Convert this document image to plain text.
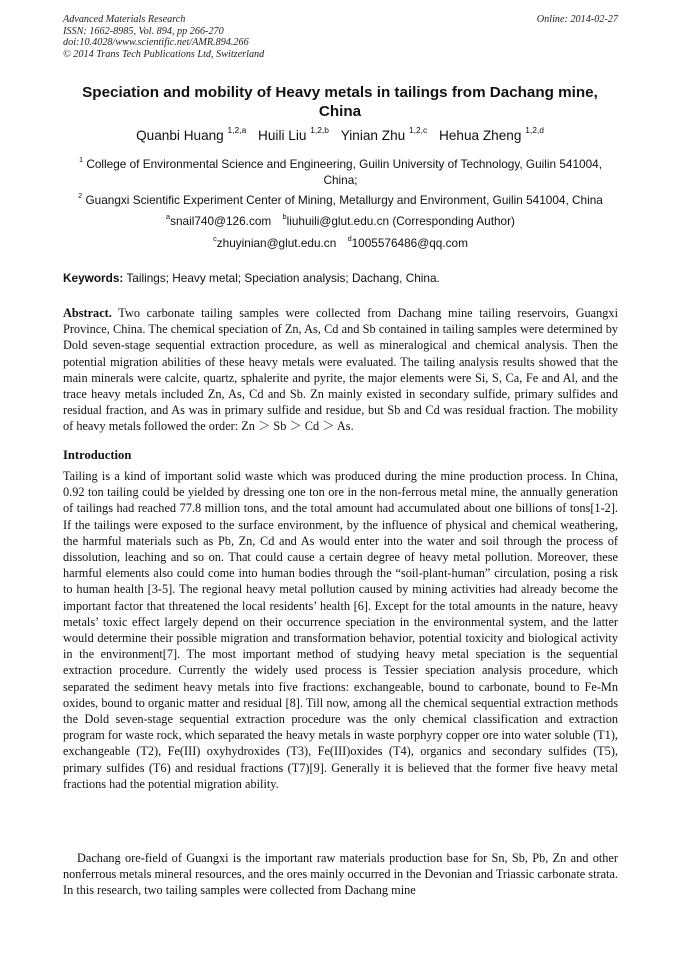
Advanced Materials Research
ISSN: 1662-8985, Vol. 894, pp 266-270
doi:10.4028/www.scientific.net/AMR.894.266
© 2014 Trans Tech Publications Ltd, Switzerland
Online: 2014-02-27
Speciation and mobility of Heavy metals in tailings from Dachang mine, China
Quanbi Huang $^{1,2,a}$ Huili Liu $^{1,2,b}$ Yinian Zhu $^{1,2,c}$ Hehua Zheng $^{1,2,d}$
$^1$ College of Environmental Science and Engineering, Guilin University of Technology, Guilin 541004, China;
$^2$ Guangxi Scientific Experiment Center of Mining, Metallurgy and Environment, Guilin 541004, China
$^a$snail740@126.com $^b$liuhuili@glut.edu.cn (Corresponding Author)
$^c$zhuyinian@glut.edu.cn $^d$1005576486@qq.com
Keywords: Tailings; Heavy metal; Speciation analysis; Dachang, China.
Abstract. Two carbonate tailing samples were collected from Dachang mine tailing reservoirs, Guangxi Province, China. The chemical speciation of Zn, As, Cd and Sb contained in tailing samples were determined by Dold seven-stage sequential extraction procedure, as well as mineralogical and chemical analysis. Then the potential migration abilities of these heavy metals were evaluated. The tailing analysis results showed that the main minerals were calcite, quartz, sphalerite and pyrite, the major elements were Si, S, Ca, Fe and Al, and the trace heavy metals included Zn, As, Cd and Sb. Zn mainly existed in secondary sulfide, primary sulfides and residual fraction, and As was in primary sulfide and residue, but Sb and Cd was residual fraction. The mobility of heavy metals followed the order: Zn ＞ Sb ＞ Cd ＞ As.
Introduction
Tailing is a kind of important solid waste which was produced during the mine production process. In China, 0.92 ton tailing could be yielded by dressing one ton ore in the non-ferrous metal mine, the annually generation of tailings had reached 77.8 million tons, and the total amount had accumulated about one billions of tons[1-2]. If the tailings were exposed to the surface environment, by the influence of physical and chemical weathering, the harmful materials such as Pb, Zn, Cd and As would enter into the water and soil through the process of dissolution, leaching and so on. That could cause a certain degree of heavy metal pollution. Moreover, these harmful elements also could come into human bodies through the “soil-plant-human” circulation, posing a risk to human health [3-5]. The regional heavy metal pollution caused by mining activities had already become the important factor that threatened the local residents’ health [6]. Except for the total amounts in the nature, heavy metals’ toxic effect largely depend on their occurrence speciation in the environmental system, and the latter would determine their possible migration and transformation behavior, potential toxicity and biological activity in the environment[7]. The most important method of studying heavy metal speciation is the sequential extraction procedure. Currently the widely used process is Tessier speciation analysis procedure, which separated the sediment heavy metals into five fractions: exchangeable, bound to carbonate, bound to Fe-Mn oxides, bound to organic matter and residual [8]. Till now, among all the chemical sequential extraction methods the Dold seven-stage sequential extraction procedure was the only chemical classification and extraction program for waste rock, which separated the heavy metals in waste porphyry copper ore into water soluble (T1), exchangeable (T2), Fe(III) oxyhydroxides (T3), Fe(III)oxides (T4), organics and secondary sulfides (T5), primary sulfides (T6) and residual fractions (T7)[9]. Generally it is believed that the former five heavy metal fractions had the potential migration ability.
Dachang ore-field of Guangxi is the important raw materials production base for Sn, Sb, Pb, Zn and other nonferrous metals mineral resources, and the ores mainly occurred in the Devonian and Triassic carbonate strata. In this research, two tailing samples were collected from Dachang mine
